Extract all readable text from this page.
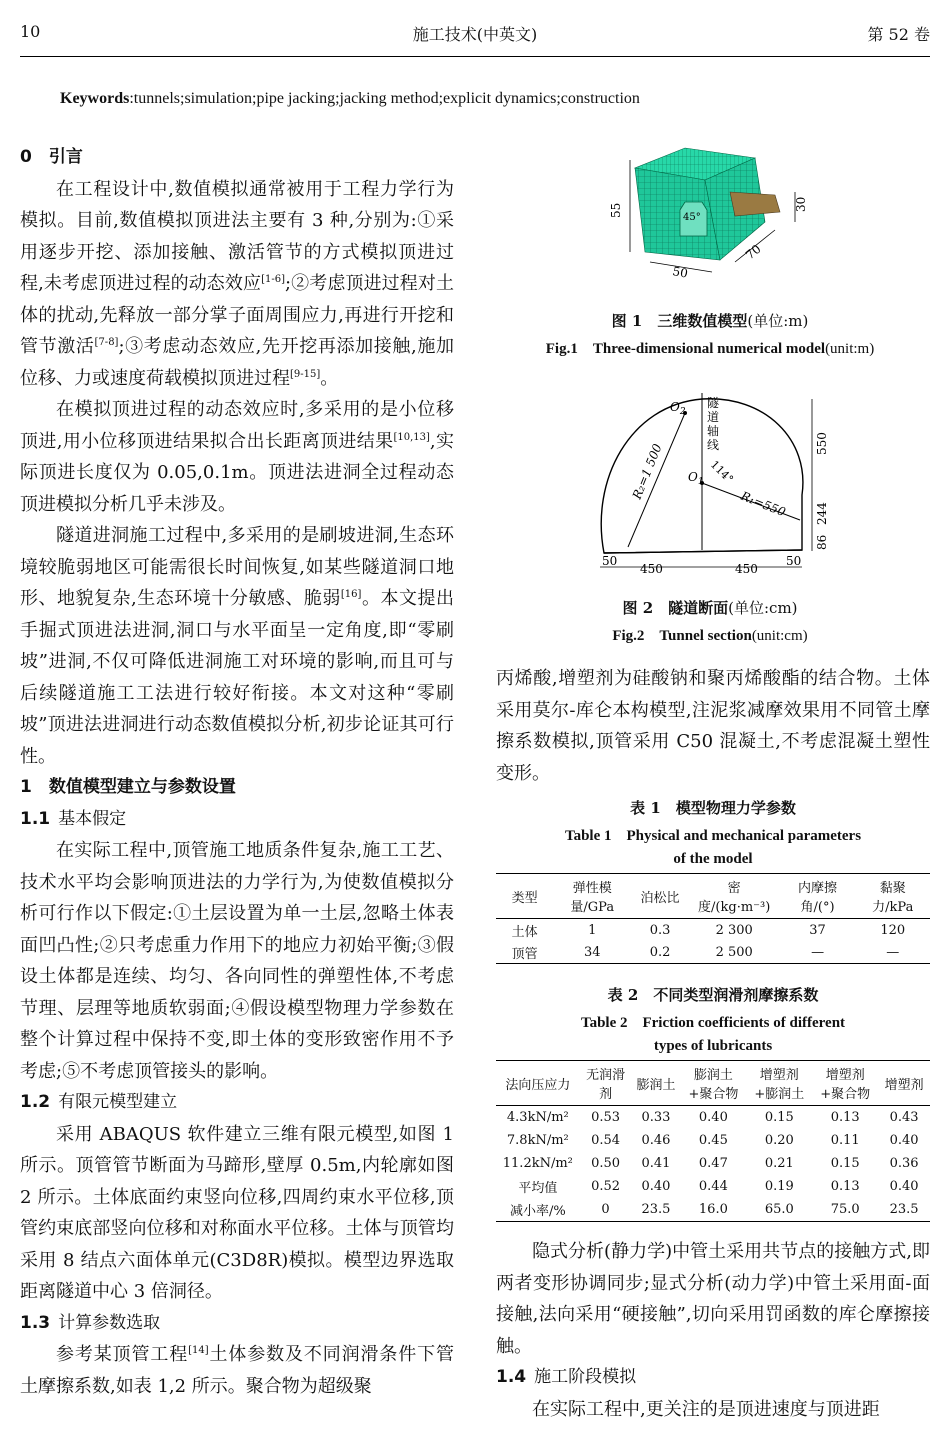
10	施工技术(中英文)	第 52 卷
Keywords:tunnels;simulation;pipe jacking;jacking method;explicit dynamics;construction
0　引言

在工程设计中,数值模拟通常被用于工程力学行为模拟。目前,数值模拟顶进法主要有 3 种,分别为:①采用逐步开挖、添加接触、激活管节的方式模拟顶进过程,未考虑顶进过程的动态效应[1-6];②考虑顶进过程对土体的扰动,先释放一部分掌子面周围应力,再进行开挖和管节激活[7-8];③考虑动态效应,先开挖再添加接触,施加位移、力或速度荷载模拟顶进过程[9-15]。

在模拟顶进过程的动态效应时,多采用的是小位移顶进,用小位移顶进结果拟合出长距离顶进结果[10,13],实际顶进长度仅为 0.05,0.1m。顶进法进洞全过程动态顶进模拟分析几乎未涉及。

隧道进洞施工过程中,多采用的是刷坡进洞,生态环境较脆弱地区可能需很长时间恢复,如某些隧道洞口地形、地貌复杂,生态环境十分敏感、脆弱[16]。本文提出手掘式顶进法进洞,洞口与水平面呈一定角度,即“零刷坡”进洞,不仅可降低进洞施工对环境的影响,而且可与后续隧道施工工法进行较好衔接。本文对这种“零刷坡”顶进法进洞进行动态数值模拟分析,初步论证其可行性。

1　数值模型建立与参数设置
1.1 基本假定

在实际工程中,顶管施工地质条件复杂,施工工艺、技术水平均会影响顶进法的力学行为,为使数值模拟分析可行作以下假定:①土层设置为单一土层,忽略土体表面凹凸性;②只考虑重力作用下的地应力初始平衡;③假设土体都是连续、均匀、各向同性的弹塑性体,不考虑节理、层理等地质软弱面;④假设模型物理力学参数在整个计算过程中保持不变,即土体的变形致密作用不予考虑;⑤不考虑顶管接头的影响。

1.2 有限元模型建立

采用 ABAQUS 软件建立三维有限元模型,如图 1 所示。顶管管节断面为马蹄形,壁厚 0.5m,内轮廓如图 2 所示。土体底面约束竖向位移,四周约束水平位移,顶管约束底部竖向位移和对称面水平位移。土体与顶管均采用 8 结点六面体单元(C3D8R)模拟。模型边界选取距离隧道中心 3 倍洞径。

1.3 计算参数选取

参考某顶管工程[14]土体参数及不同润滑条件下管土摩擦系数,如表 1,2 所示。聚合物为超级聚

55
50
70
30
45°
图 1　三维数值模型(单位:m)
Fig.1　Three-dimensional numerical model(unit:m)
隧道轴线
$O_2$
$O_1$
R₂=1 500
R₁=550
114°
550
244
86
50
450	450
50
图 2　隧道断面(单位:cm)
Fig.2　Tunnel section(unit:cm)

丙烯酸,增塑剂为硅酸钠和聚丙烯酸酯的结合物。土体采用莫尔-库仑本构模型,注泥浆减摩效果用不同管土摩擦系数模拟,顶管采用 C50 混凝土,不考虑混凝土塑性变形。

表 1　模型物理力学参数
Table 1　Physical and mechanical parameters
of the model
类型	弹性模量/GPa	泊松比	密度/(kg·m⁻³)	内摩擦角/(°)	黏聚力/kPa
土体	1	0.3	2 300	37	120
顶管	34	0.2	2 500	—	—
表 2　不同类型润滑剂摩擦系数
Table 2　Friction coefficients of different
types of lubricants
法向压应力	无润滑剂	膨润土	膨润土+聚合物	增塑剂+膨润土	增塑剂+聚合物	增塑剂
4.3kN/m²	0.53	0.33	0.40	0.15	0.13	0.43
7.8kN/m²	0.54	0.46	0.45	0.20	0.11	0.40
11.2kN/m²	0.50	0.41	0.47	0.21	0.15	0.36
平均值	0.52	0.40	0.44	0.19	0.13	0.40
减小率/%	0	23.5	16.0	65.0	75.0	23.5

隐式分析(静力学)中管土采用共节点的接触方式,即两者变形协调同步;显式分析(动力学)中管土采用面-面接触,法向采用“硬接触”,切向采用罚函数的库仑摩擦接触。

1.4 施工阶段模拟

在实际工程中,更关注的是顶进速度与顶进距
